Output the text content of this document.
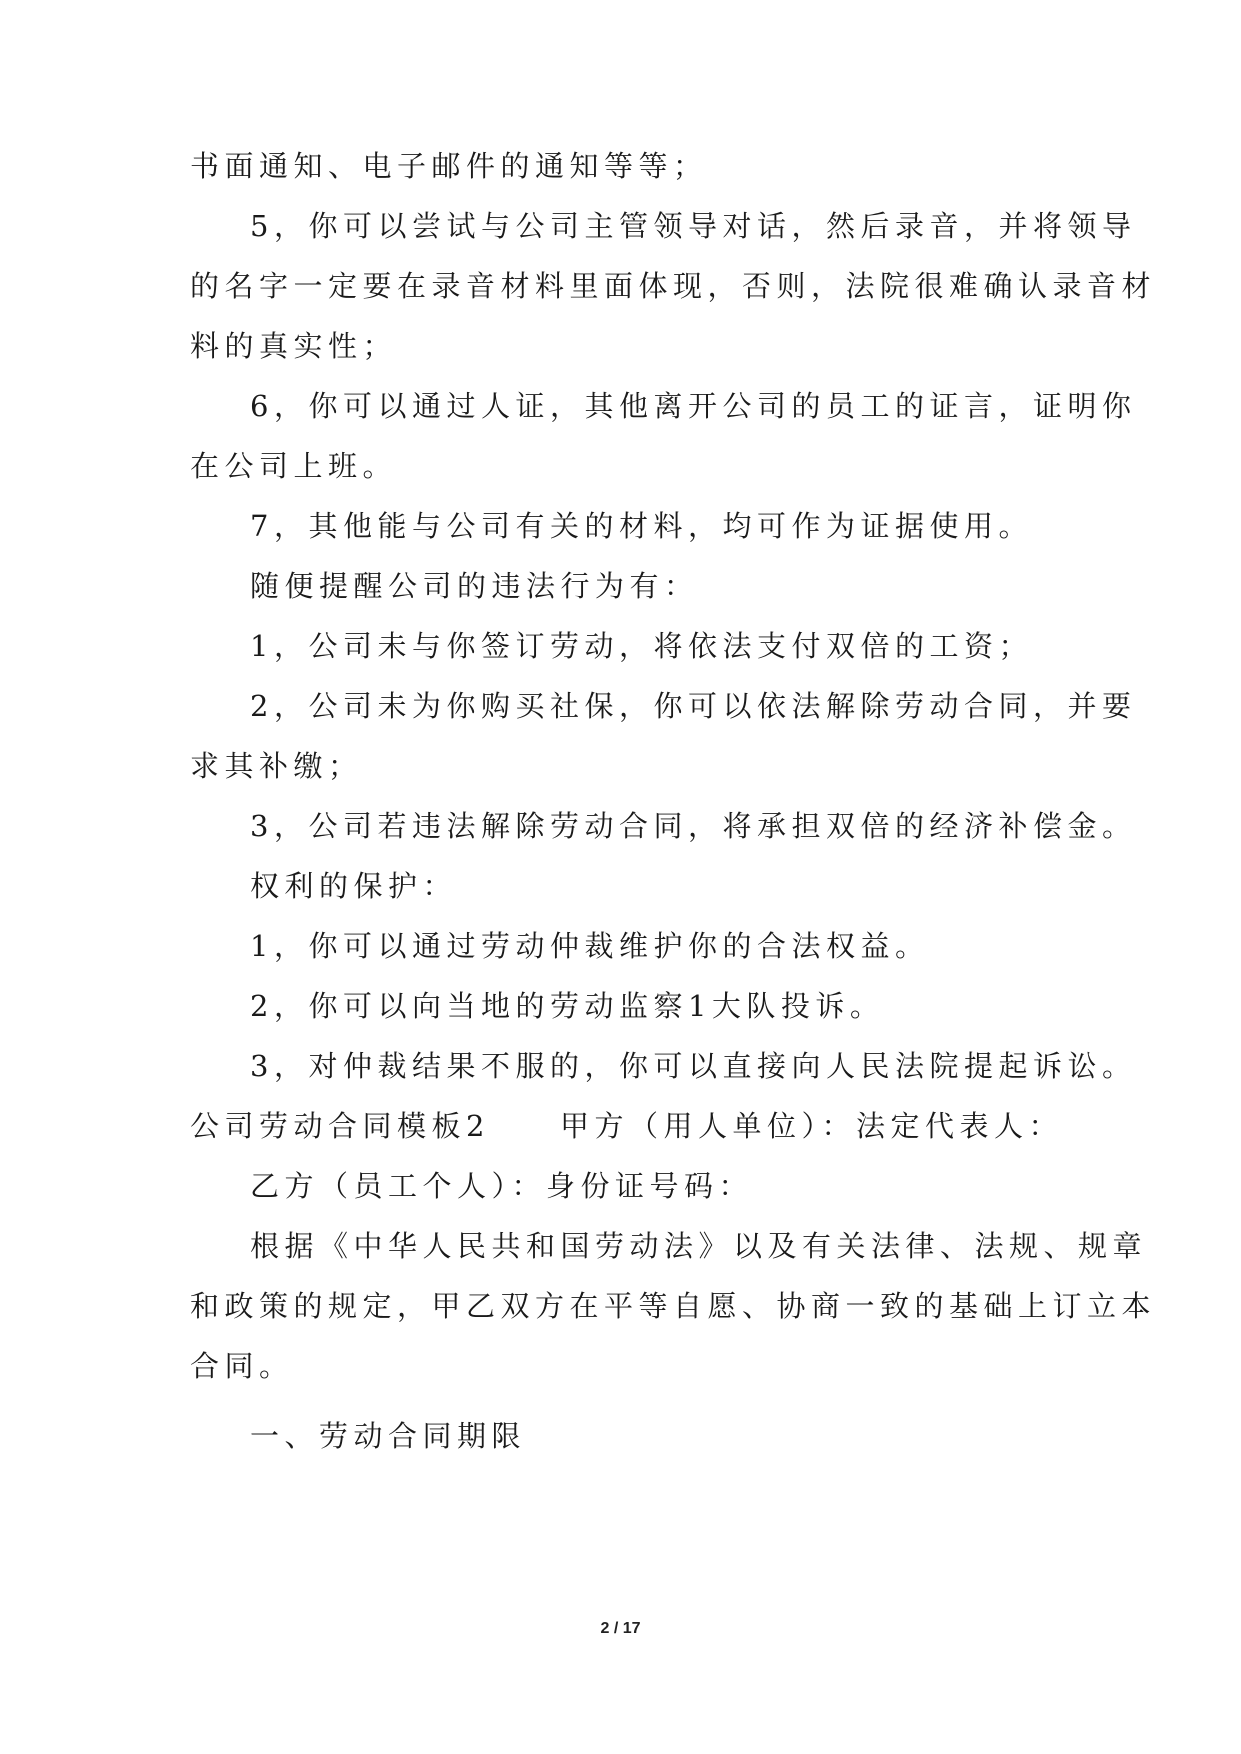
书面通知、电子邮件的通知等等；
5，你可以尝试与公司主管领导对话，然后录音，并将领导
的名字一定要在录音材料里面体现，否则，法院很难确认录音材
料的真实性；
6，你可以通过人证，其他离开公司的员工的证言，证明你
在公司上班。
7，其他能与公司有关的材料，均可作为证据使用。
随便提醒公司的违法行为有：
1，公司未与你签订劳动，将依法支付双倍的工资；
2，公司未为你购买社保，你可以依法解除劳动合同，并要
求其补缴；
3，公司若违法解除劳动合同，将承担双倍的经济补偿金。
权利的保护：
1，你可以通过劳动仲裁维护你的合法权益。
2，你可以向当地的劳动监察1大队投诉。
3，对仲裁结果不服的，你可以直接向人民法院提起诉讼。
公司劳动合同模板2 甲方（用人单位）：法定代表人：
乙方（员工个人）：身份证号码：
根据《中华人民共和国劳动法》以及有关法律、法规、规章
和政策的规定，甲乙双方在平等自愿、协商一致的基础上订立本
合同。
一、劳动合同期限
2 / 17
